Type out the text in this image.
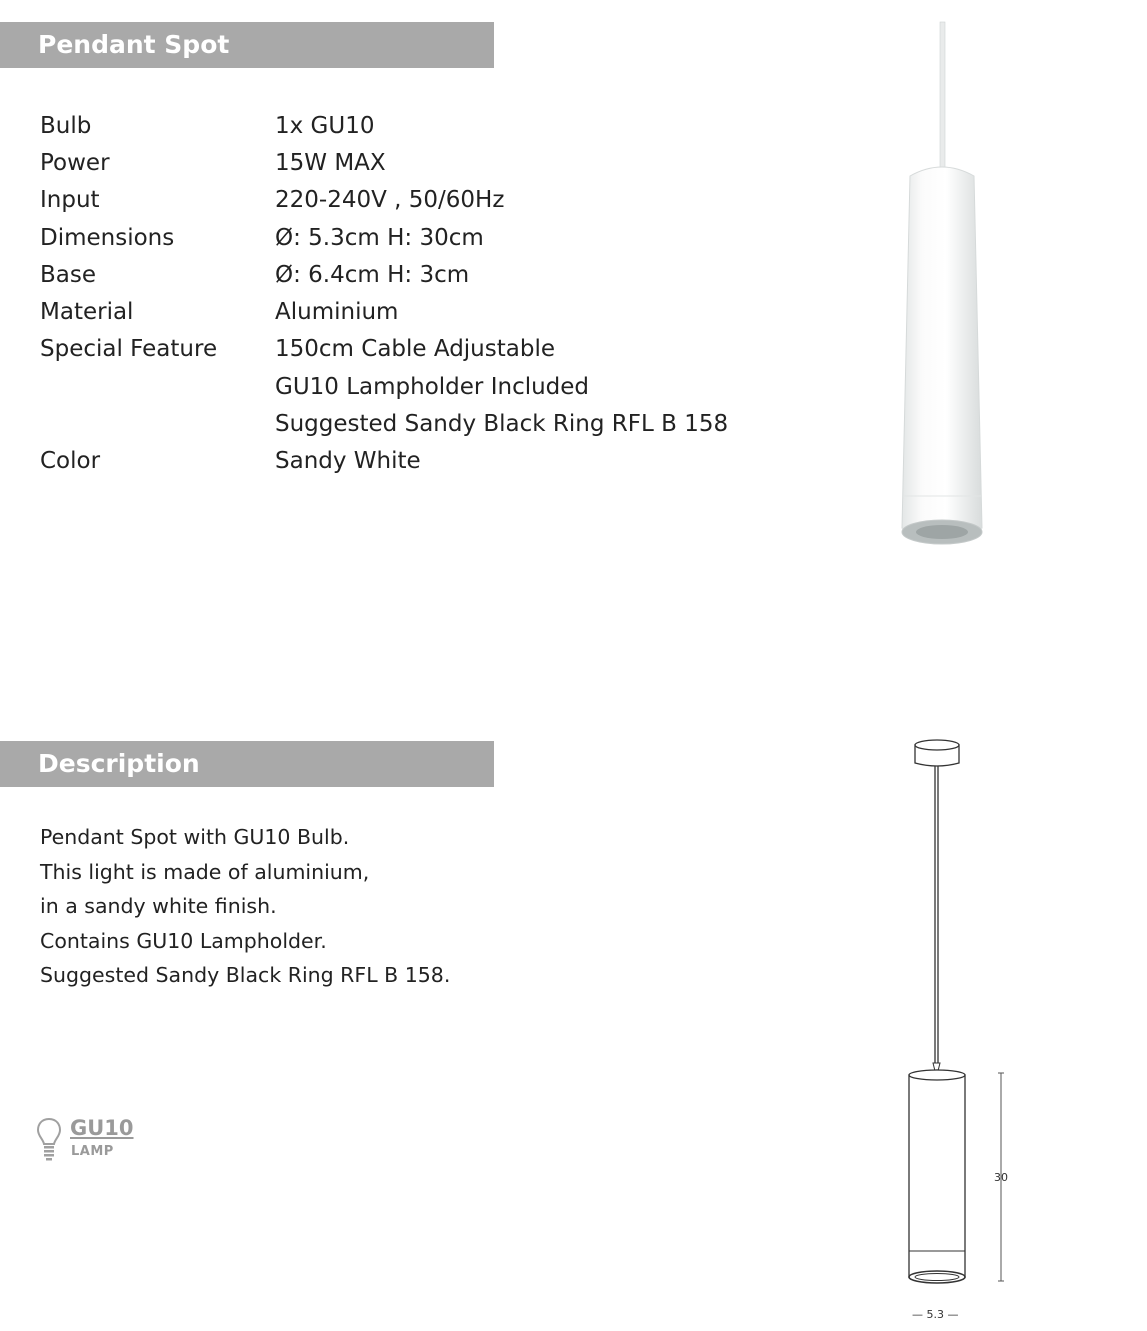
Pendant Spot
Bulb	1x GU10
Power	15W MAX
Input	220-240V , 50/60Hz
Dimensions	Ø: 5.3cm H: 30cm
Base	Ø: 6.4cm H: 3cm
Material	Aluminium
Special Feature	150cm Cable Adjustable
	GU10 Lampholder Included
	Suggested Sandy Black Ring RFL B 158
Color	Sandy White
Description
Pendant Spot with GU10 Bulb.
This light is made of aluminium,
in a sandy white finish.
Contains GU10 Lampholder.
Suggested Sandy Black Ring RFL B 158.
GU10
LAMP
30
— 5.3 —
